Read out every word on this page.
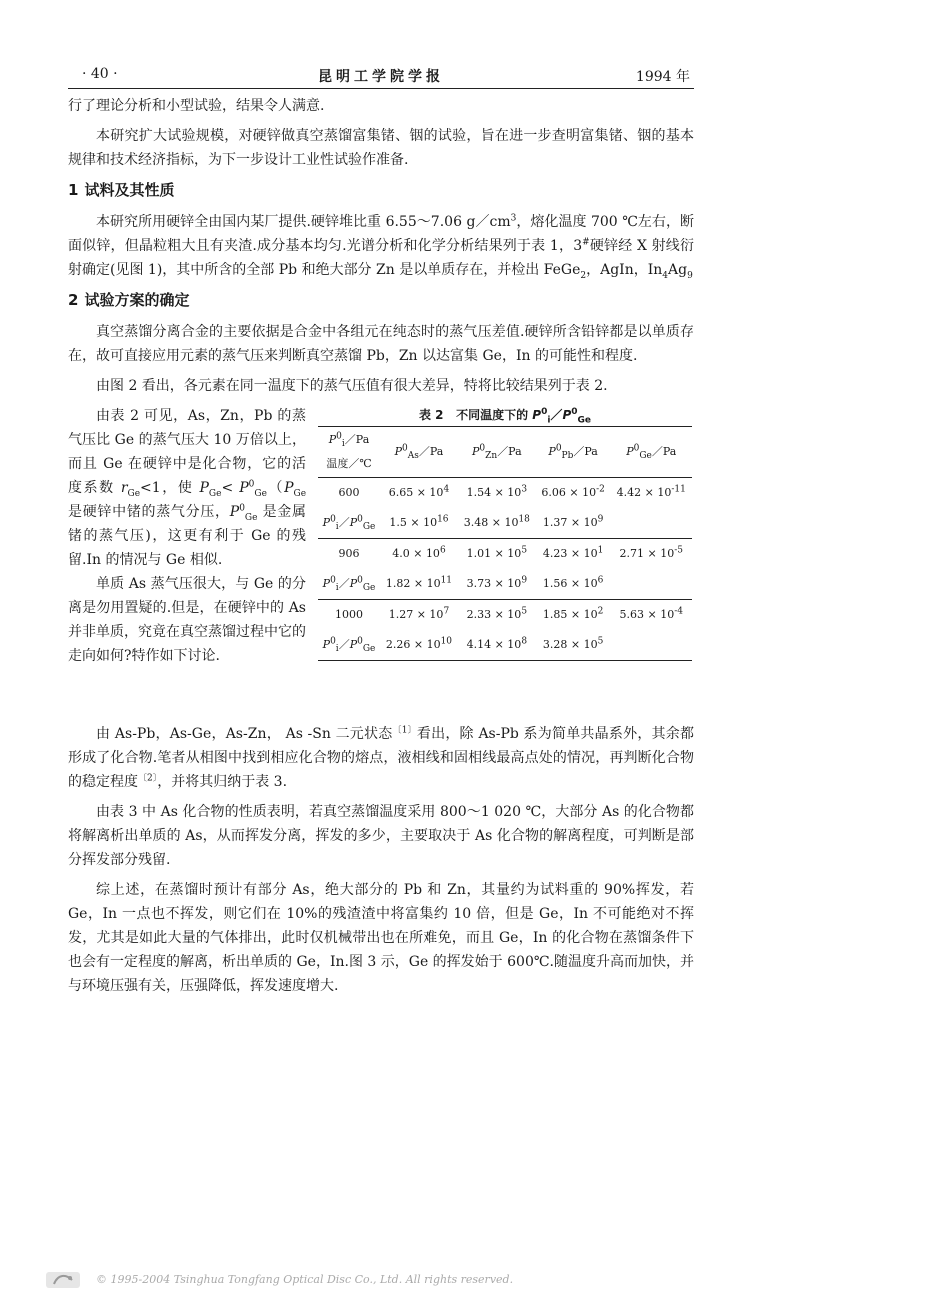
· 40 ·	昆明工学院学报	1994 年

行了理论分析和小型试验，结果令人满意.

本研究扩大试验规模，对硬锌做真空蒸馏富集锗、铟的试验，旨在进一步查明富集锗、铟的基本规律和技术经济指标，为下一步设计工业性试验作准备.

1 试料及其性质

本研究所用硬锌全由国内某厂提供.硬锌堆比重 6.55～7.06 $g/cm^3$，熔化温度 700 ℃左右，断面似锌，但晶粒粗大且有夹渣.成分基本均匀.光谱分析和化学分析结果列于表 1，3#硬锌经 X 射线衍射确定(见图 1)，其中所含的全部 Pb 和绝大部分 Zn 是以单质存在，并检出 FeGe$_2$，AgIn，$In_4Ag_9$

2 试验方案的确定

真空蒸馏分离合金的主要依据是合金中各组元在纯态时的蒸气压差值.硬锌所含铅锌都是以单质存在，故可直接应用元素的蒸气压来判断真空蒸馏 Pb，Zn 以达富集 Ge，In 的可能性和程度.

由图 2 看出，各元素在同一温度下的蒸气压值有很大差异，特将比较结果列于表 2.

由表 2 可见，As，Zn，Pb 的蒸气压比 Ge 的蒸气压大 10 万倍以上，而且 Ge 在硬锌中是化合物，它的活度系数 $r_{Ge}<1$，使 $P_{Ge}< P^0_{Ge}(P_{Ge}$ 是硬锌中锗的蒸气分压，$P^0_{Ge}$ 是金属锗的蒸气压)，这更有利于 Ge 的残留.In 的情况与 Ge 相似.

单质 As 蒸气压很大，与 Ge 的分离是勿用置疑的.但是，在硬锌中的 As 并非单质，究竟在真空蒸馏过程中它的走向如何?特作如下讨论.

表 2 不同温度下的 $P^0_i/P^0_{Ge}$
$P^0_i/Pa$
温度／℃	$P^0_{As}/Pa$	$P^0_{Zn}/Pa$	$P^0_{Pb}/Pa$	$P^0_{Ge}/Pa$
600	$6.65 \times 10^4$	$1.54 \times 10^3$	$6.06 \times 10^{-2}$	$4.42 \times 10^{-11}$
$P^0_i/P^0_{Ge}$	$1.5 \times 10^{16}$	$3.48 \times 10^{18}$	$1.37 \times 10^9$	
906	$4.0 \times 10^6$	$1.01 \times 10^5$	$4.23 \times 10^1$	$2.71 \times 10^{-5}$
$P^0_i/P^0_{Ge}$	$1.82 \times 10^{11}$	$3.73 \times 10^9$	$1.56 \times 10^6$	
1000	$1.27 \times 10^7$	$2.33 \times 10^5$	$1.85 \times 10^2$	$5.63 \times 10^{-4}$
$P^0_i/P^0_{Ge}$	$2.26 \times 10^{10}$	$4.14 \times 10^8$	$3.28 \times 10^5$	

由 As-Pb，As-Ge，As-Zn， As -Sn 二元状态$^{〔1〕}$看出，除 As-Pb 系为简单共晶系外，其余都形成了化合物.笔者从相图中找到相应化合物的熔点，液相线和固相线最高点处的情况，再判断化合物的稳定程度$^{〔2〕}$，并将其归纳于表 3.

由表 3 中 As 化合物的性质表明，若真空蒸馏温度采用 800～1 020 ℃，大部分 As 的化合物都将解离析出单质的 As，从而挥发分离，挥发的多少，主要取决于 As 化合物的解离程度，可判断是部分挥发部分残留.

综上述，在蒸馏时预计有部分 As，绝大部分的 Pb 和 Zn，其量约为试料重的 90%挥发，若 Ge，In 一点也不挥发，则它们在 10%的残渣渣中将富集约 10 倍，但是 Ge，In 不可能绝对不挥发，尤其是如此大量的气体排出，此时仅机械带出也在所难免，而且 Ge，In 的化合物在蒸馏条件下也会有一定程度的解离，析出单质的 Ge，In.图 3 示，Ge 的挥发始于 600℃.随温度升高而加快，并与环境压强有关，压强降低，挥发速度增大.

© 1995-2004 Tsinghua Tongfang Optical Disc Co., Ltd. All rights reserved.
